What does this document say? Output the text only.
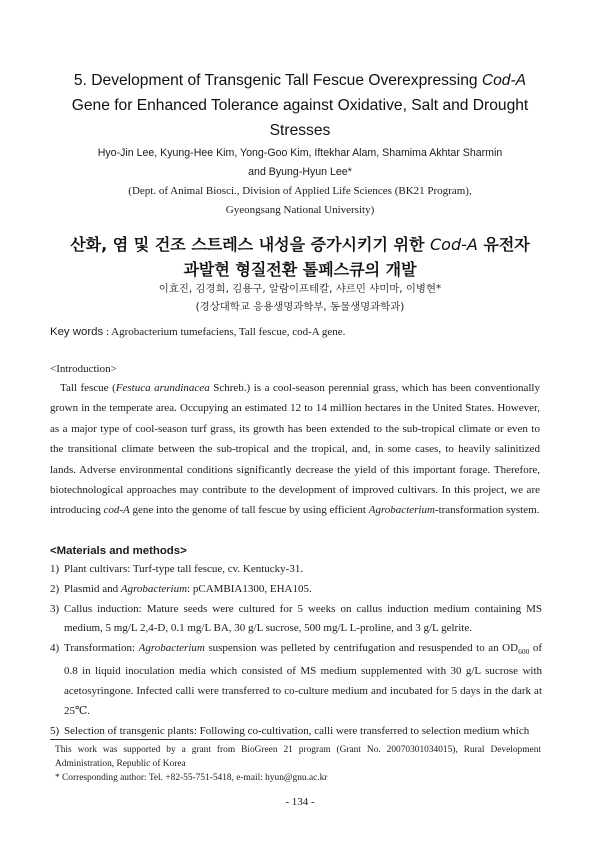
5. Development of Transgenic Tall Fescue Overexpressing Cod-A
Gene for Enhanced Tolerance against Oxidative, Salt and Drought
Stresses
Hyo-Jin Lee, Kyung-Hee Kim, Yong-Goo Kim, Iftekhar Alam, Shamima Akhtar Sharmin
and Byung-Hyun Lee*
(Dept. of Animal Biosci., Division of Applied Life Sciences (BK21 Program),
Gyeongsang National University)
산화, 염 및 건조 스트레스 내성을 증가시키기 위한 Cod-A 유전자
과발현 형질전환 톨페스큐의 개발
이효진, 김경희, 김용구, 알람이프테칼, 샤르민 샤미마, 이병현*
(경상대학교 응용생명과학부, 동물생명과학과)
Key words : Agrobacterium tumefaciens, Tall fescue, cod-A gene.
<Introduction>

Tall fescue (Festuca arundinacea Schreb.) is a cool-season perennial grass, which has been conventionally grown in the temperate area. Occupying an estimated 12 to 14 million hectares in the United States. However, as a major type of cool-season turf grass, its growth has been extended to the sub-tropical climate or even to the transitional climate between the sub-tropical and the tropical, and, in some cases, to heavily salinitized lands. Adverse environmental conditions significantly decrease the yield of this important forage. Therefore, biotechnological approaches may contribute to the development of improved cultivars. In this project, we are introducing cod-A gene into the genome of tall fescue by using efficient Agrobacterium-transformation system.

<Materials and methods>
1) Plant cultivars: Turf-type tall fescue, cv. Kentucky-31.
2) Plasmid and Agrobacterium: pCAMBIA1300, EHA105.
3) Callus induction: Mature seeds were cultured for 5 weeks on callus induction medium containing MS medium, 5 mg/L 2,4-D, 0.1 mg/L BA, 30 g/L sucrose, 500 mg/L L-proline, and 3 g/L gelrite.
4) Transformation: Agrobacterium suspension was pelleted by centrifugation and resuspended to an $OD_{600}$ of 0.8 in liquid inoculation media which consisted of MS medium supplemented with 30 g/L sucrose with acetosyringone. Infected calli were transferred to co-culture medium and incubated for 5 days in the dark at 25℃.
5) Selection of transgenic plants: Following co-cultivation, calli were transferred to selection medium which

This work was supported by a grant from BioGreen 21 program (Grant No. 20070301034015), Rural Development Administration, Republic of Korea

* Corresponding author: Tel. +82-55-751-5418, e-mail: hyun@gnu.ac.kr

- 134 -
